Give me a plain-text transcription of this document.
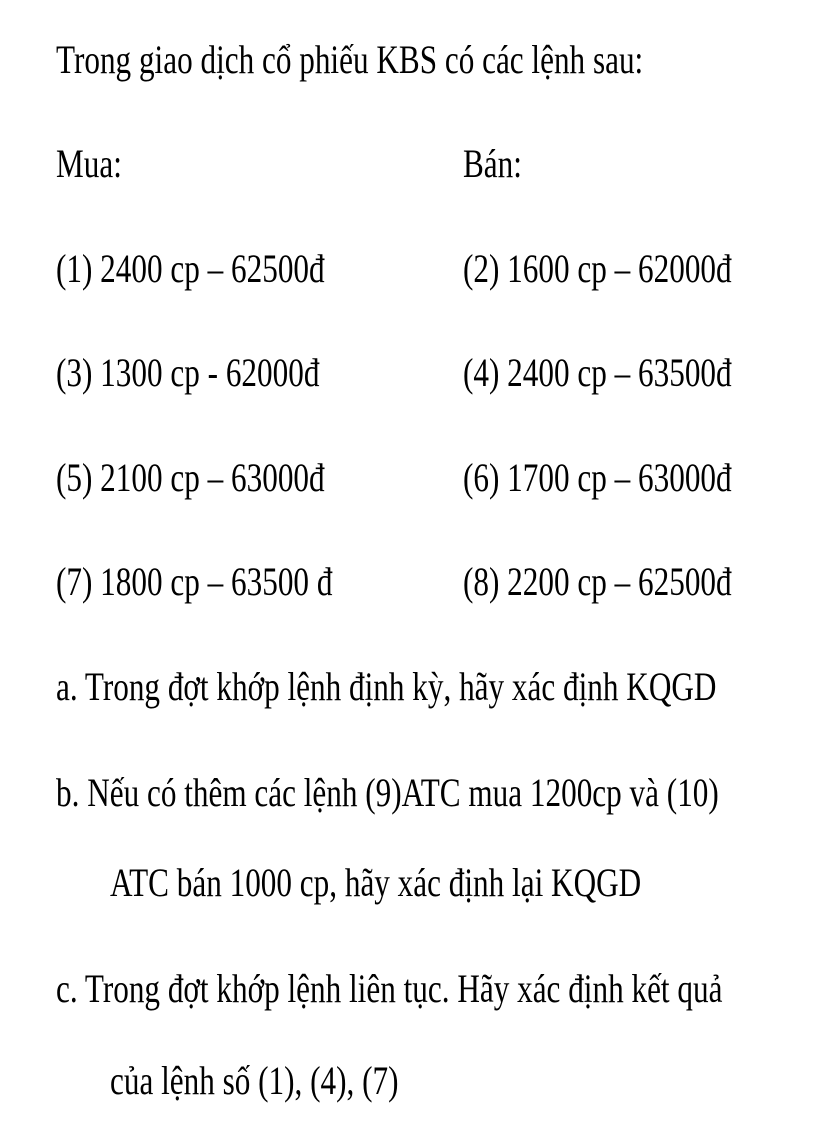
Trong giao dịch cổ phiếu KBS có các lệnh sau:
Mua:	Bán:
(1) 2400 cp – 62500đ	(2) 1600 cp – 62000đ
(3) 1300 cp - 62000đ	(4) 2400 cp – 63500đ
(5) 2100 cp – 63000đ	(6) 1700 cp – 63000đ
(7) 1800 cp – 63500 đ	(8) 2200 cp – 62500đ
a. Trong đợt khớp lệnh định kỳ, hãy xác định KQGD
b. Nếu có thêm các lệnh (9)ATC mua 1200cp và (10)
ATC bán 1000 cp, hãy xác định lại KQGD
c. Trong đợt khớp lệnh liên tục. Hãy xác định kết quả
của lệnh số (1), (4), (7)
